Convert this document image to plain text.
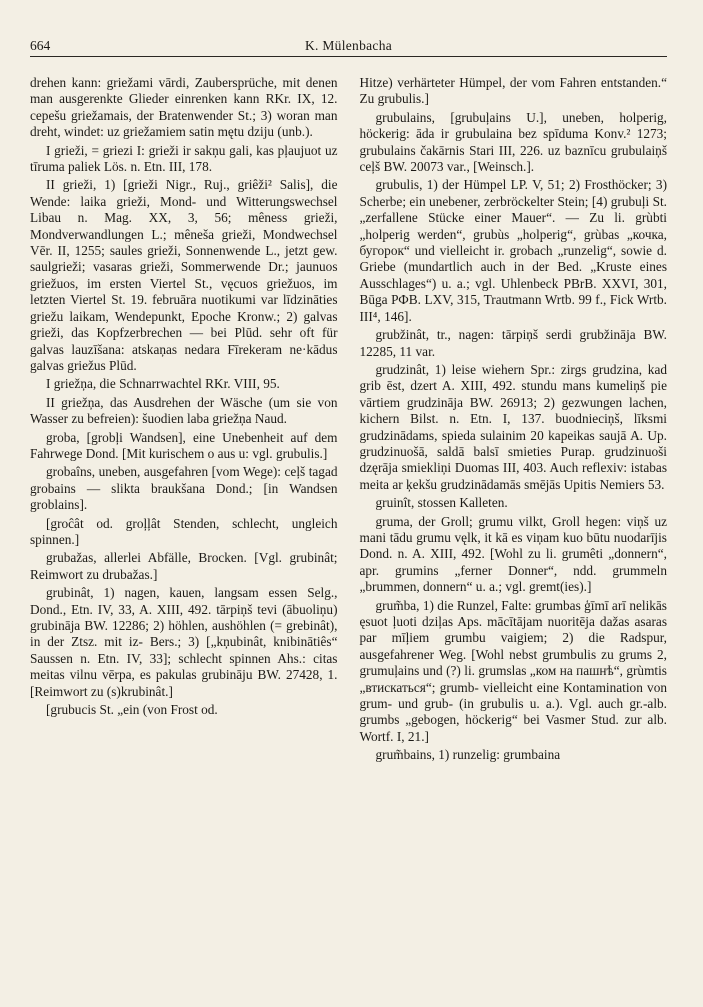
664	K. Mülenbacha

drehen kann: griežami vārdi, Zaubersprüche, mit denen man ausgerenkte Glieder einrenken kann RKr. IX, 12. cepešu griežamais, der Bratenwender St.; 3) woran man dreht, windet: uz griežamiem satin mętu dziju (unb.).

I grieži, = griezi I: grieži ir sakņu gali, kas pļaujuot uz tīruma paliek Lös. n. Etn. III, 178.

II grieži, 1) [grieži Nigr., Ruj., griêži² Salis], die Wende: laika grieži, Mond- und Witterungswechsel Libau n. Mag. XX, 3, 56; mêness grieži, Mondverwandlungen L.; mêneša grieži, Mondwechsel Vēr. II, 1255; saules grieži, Sonnenwende L., jetzt gew. saulgrieži; vasaras grieži, Sommerwende Dr.; jaunuos griežuos, im ersten Viertel St., vęcuos griežuos, im letzten Viertel St. 19. februāra nuotikumi var līdzināties griežu laikam, Wendepunkt, Epoche Kronw.; 2) galvas grieži, das Kopfzerbrechen — bei Plūd. sehr oft für galvas lauzīšana: atskaņas nedara Fīrekeram ne·kādus galvas griežus Plūd.

I griežņa, die Schnarrwachtel RKr. VIII, 95.

II griežņa, das Ausdrehen der Wäsche (um sie von Wasser zu befreien): šuodien laba griežņa Naud.

groba, [grobļi Wandsen], eine Unebenheit auf dem Fahrwege Dond. [Mit kurischem o aus u: vgl. grubulis.]

grobaîns, uneben, ausgefahren [vom Wege): ceļš tagad grobains — slikta braukšana Dond.; [in Wandsen groblains].

[groĉât od. groļļât Stenden, schlecht, ungleich spinnen.]

grubažas, allerlei Abfälle, Brocken. [Vgl. grubinât; Reimwort zu drubažas.]

grubinât, 1) nagen, kauen, langsam essen Selg., Dond., Etn. IV, 33, A. XIII, 492. tārpiņš tevi (ābuoliņu) grubināja BW. 12286; 2) höhlen, aushöhlen (= grebinât), in der Ztsz. mit iz- Bers.; 3) [„kņubinât, knibinātiês“ Saussen n. Etn. IV, 33]; schlecht spinnen Ahs.: citas meitas vilnu vērpa, es pakulas grubināju BW. 27428, 1. [Reimwort zu (s)krubinât.]

[grubucis St. „ein (von Frost od.

Hitze) verhärteter Hümpel, der vom Fahren entstanden.“ Zu grubulis.]

grubulains, [grubuļains U.], uneben, holperig, höckerig: āda ir grubulaina bez spīduma Konv.² 1273; grubulains čakārnis Stari III, 226. uz baznīcu grubulaiņš ceļš BW. 20073 var., [Weinsch.].

grubulis, 1) der Hümpel LP. V, 51; 2) Frosthöcker; 3) Scherbe; ein unebener, zerbröckelter Stein; [4) grubuļi St. „zerfallene Stücke einer Mauer“. — Zu li. grùbti „holperig werden“, grubùs „holperig“, grùbas „кочка, бугорок“ und vielleicht ir. grobach „runzelig“, sowie d. Griebe (mundartlich auch in der Bed. „Kruste eines Ausschlages“) u. a.; vgl. Uhlenbeck PBrB. XXVI, 301, Būga РФВ. LXV, 315, Trautmann Wrtb. 99 f., Fick Wrtb. III⁴, 146].

grubžinât, tr., nagen: tārpiņš serdi grubžināja BW. 12285, 11 var.

grudzinât, 1) leise wiehern Spr.: zirgs grudzina, kad grib ēst, dzert A. XIII, 492. stundu mans kumeliņš pie vārtiem grudzināja BW. 26913; 2) gezwungen lachen, kichern Bilst. n. Etn. I, 137. buodnieciņš, līksmi grudzinādams, spieda sulainim 20 kapeikas saujā A. Up. grudzinuošā, saldā balsī smieties Purap. grudzinuoši dzęrāja smiekliņi Duomas III, 403. Auch reflexiv: istabas meita ar ķekšu grudzinādamās smējās Upitis Nemiers 53.

gruinît, stossen Kalleten.

gruma, der Groll; grumu vilkt, Groll hegen: viņš uz mani tādu grumu vęlk, it kā es viņam kuo būtu nuodarījis Dond. n. A. XIII, 492. [Wohl zu li. grumêti „donnern“, apr. grumins „ferner Donner“, ndd. grummeln „brummen, donnern“ u. a.; vgl. gremt(ies).]

grum̃ba, 1) die Runzel, Falte: grumbas ģīmī arī nelikās ęsuot ļuoti dziļas Aps. mācītājam nuoritēja dažas asaras par mīļiem grumbu vaigiem; 2) die Radspur, ausgefahrener Weg. [Wohl nebst grumbulis zu grums 2, grumuļains und (?) li. grumslas „ком на пашнѣ“, grùmtis „втискаться“; grumb- vielleicht eine Kontamination von grum- und grub- (in grubulis u. a.). Vgl. auch gr.-alb. grumbs „gebogen, höckerig“ bei Vasmer Stud. zur alb. Wortf. I, 21.]

grum̃bains, 1) runzelig: grumbaina
